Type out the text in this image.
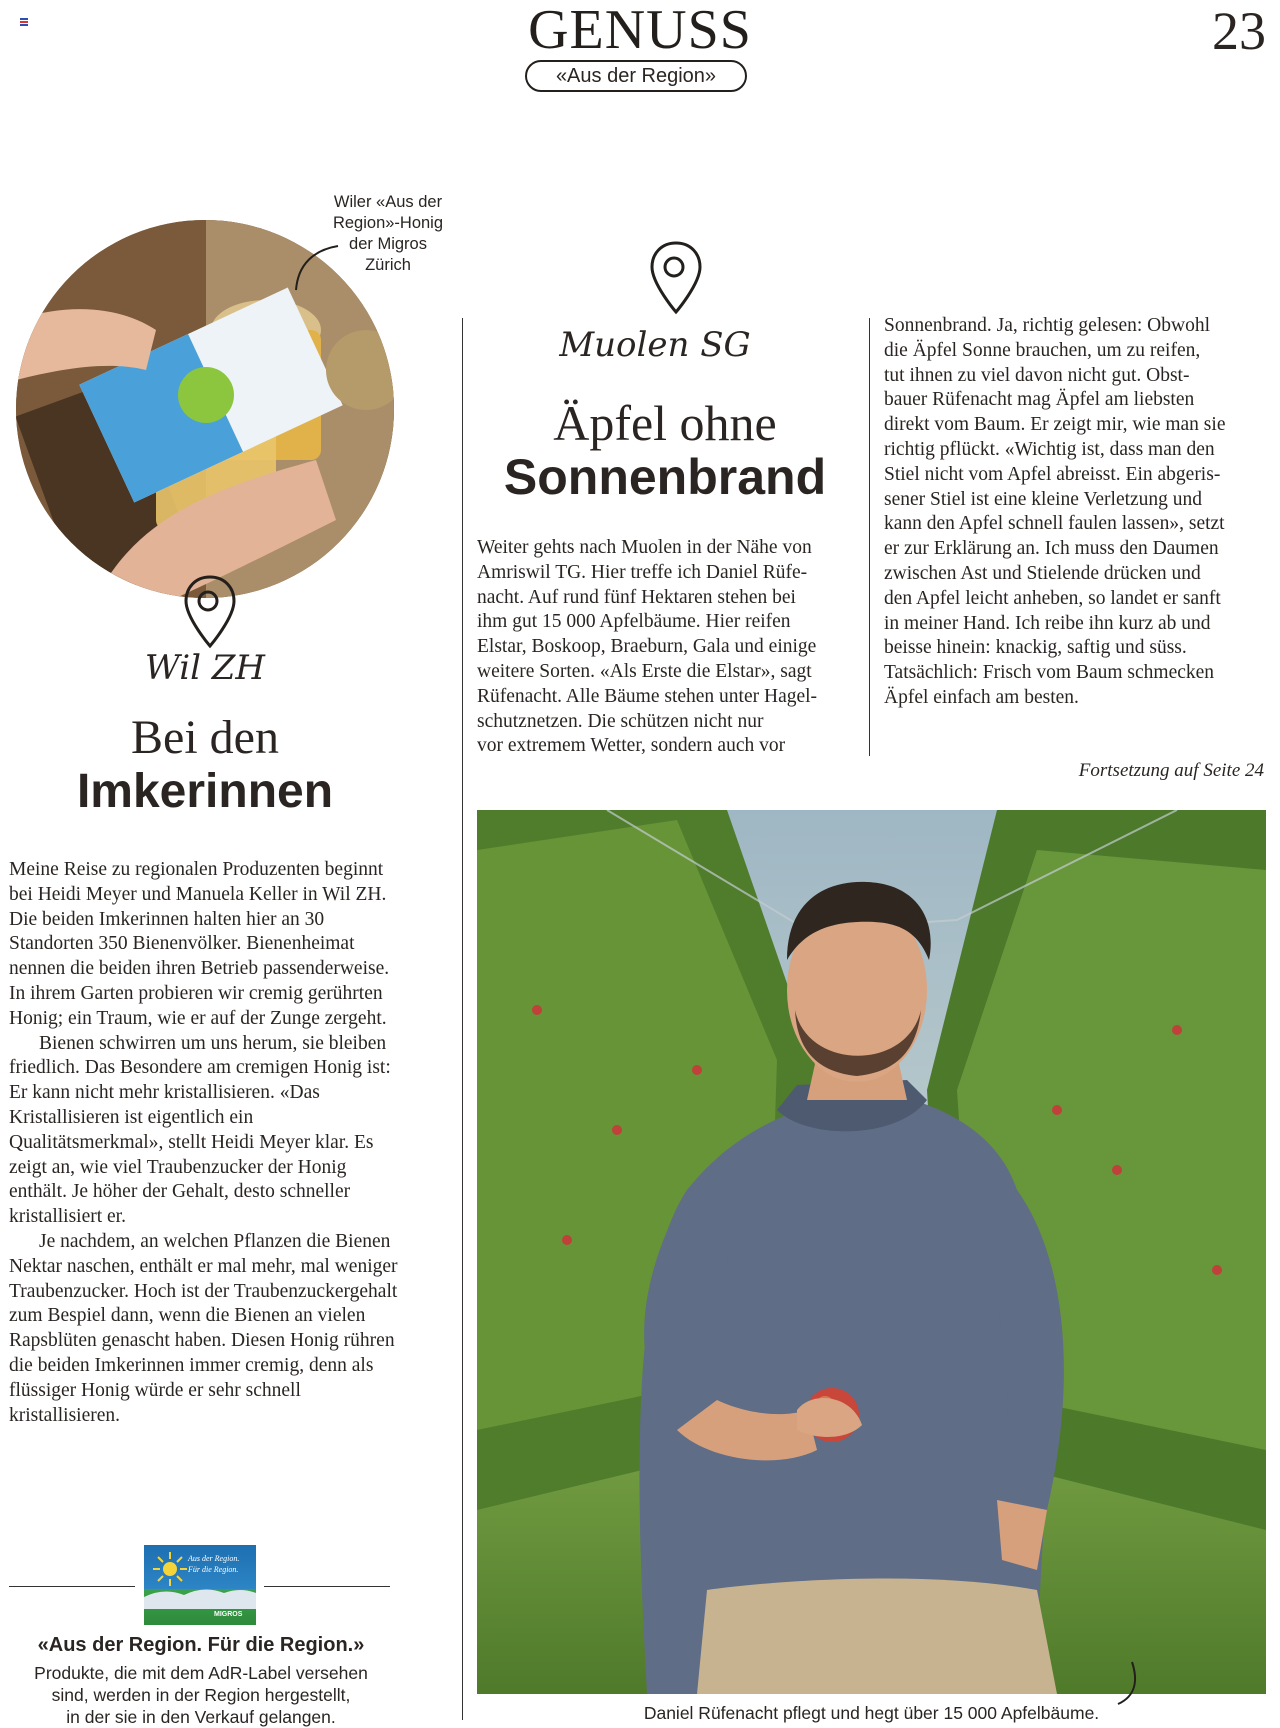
GENUSS
«Aus der Region»
23
Wiler «Aus der
Region»-Honig
der Migros
Zürich
Wil ZH
Bei den
Imkerinnen

Meine Reise zu regionalen Produzenten beginnt bei Heidi Meyer und Manuela Keller in Wil ZH. Die beiden Imkerinnen halten hier an 30 Standorten 350 Bienenvölker. Bienenheimat nennen die beiden ihren Betrieb passenderweise. In ihrem Garten probieren wir cremig gerührten Honig; ein Traum, wie er auf der Zunge zergeht.

Bienen schwirren um uns herum, sie bleiben friedlich. Das Besondere am cremigen Honig ist: Er kann nicht mehr kristallisieren. «Das Kristallisieren ist eigentlich ein Qualitätsmerkmal», stellt Heidi Meyer klar. Es zeigt an, wie viel Traubenzucker der Honig enthält. Je höher der Gehalt, desto schneller kristallisiert er.

Je nachdem, an welchen Pflanzen die Bienen Nektar naschen, enthält er mal mehr, mal weniger Traubenzucker. Hoch ist der Traubenzuckergehalt zum Bespiel dann, wenn die Bienen an vielen Rapsblüten genascht haben. Diesen Honig rühren die beiden Imkerinnen immer cremig, denn als flüssiger Honig würde er sehr schnell kristallisieren.

Aus der Region.
Für die Region.
MIGROS
«Aus der Region. Für die Region.»
Produkte, die mit dem AdR-Label versehen
sind, werden in der Region hergestellt,
in der sie in den Verkauf gelangen.
Muolen SG
Äpfel ohne
Sonnenbrand
Weiter gehts nach Muolen in der Nähe von
Amriswil TG. Hier treffe ich Daniel Rüfe-
nacht. Auf rund fünf Hektaren stehen bei
ihm gut 15 000 Apfelbäume. Hier reifen
Elstar, Boskoop, Braeburn, Gala und einige
weitere Sorten. «Als Erste die Elstar», sagt
Rüfenacht. Alle Bäume stehen unter Hagel-
schutznetzen. Die schützen nicht nur
vor extremem Wetter, sondern auch vor
Sonnenbrand. Ja, richtig gelesen: Obwohl
die Äpfel Sonne brauchen, um zu reifen,
tut ihnen zu viel davon nicht gut. Obst-
bauer Rüfenacht mag Äpfel am liebsten
direkt vom Baum. Er zeigt mir, wie man sie
richtig pflückt. «Wichtig ist, dass man den
Stiel nicht vom Apfel abreisst. Ein abgeris-
sener Stiel ist eine kleine Verletzung und
kann den Apfel schnell faulen lassen», setzt
er zur Erklärung an. Ich muss den Daumen
zwischen Ast und Stielende drücken und
den Apfel leicht anheben, so landet er sanft
in meiner Hand. Ich reibe ihn kurz ab und
beisse hinein: knackig, saftig und süss.
Tatsächlich: Frisch vom Baum schmecken
Äpfel einfach am besten.
Fortsetzung auf Seite 24
Daniel Rüfenacht pflegt und hegt über 15 000 Apfelbäume.
